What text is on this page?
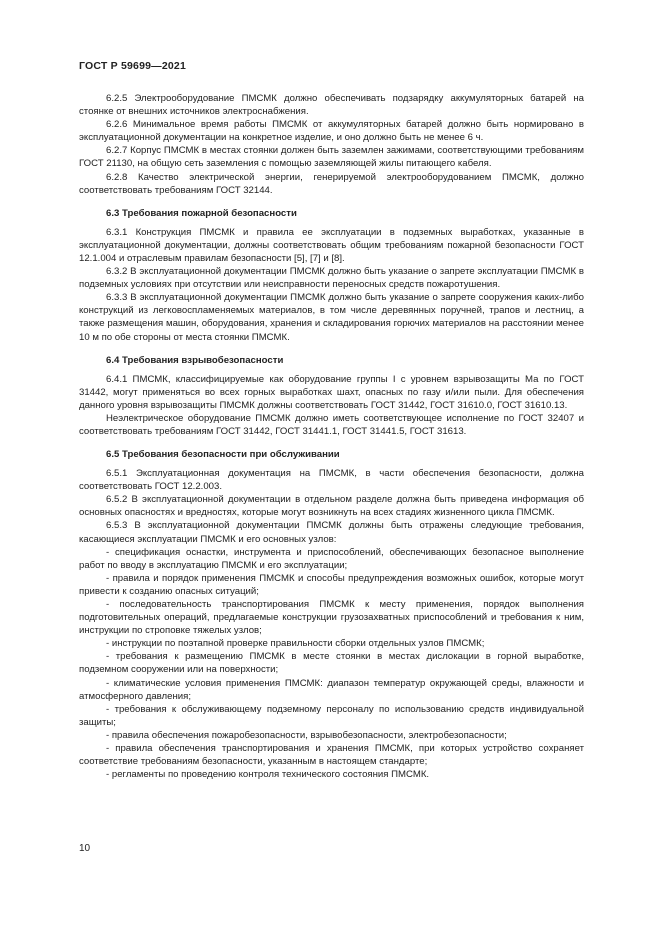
ГОСТ Р 59699—2021

6.2.5 Электрооборудование ПМСМК должно обеспечивать подзарядку аккумуляторных батарей на стоянке от внешних источников электроснабжения.

6.2.6 Минимальное время работы ПМСМК от аккумуляторных батарей должно быть нормировано в эксплуатационной документации на конкретное изделие, и оно должно быть не менее 6 ч.

6.2.7 Корпус ПМСМК в местах стоянки должен быть заземлен зажимами, соответствующими требованиям ГОСТ 21130, на общую сеть заземления с помощью заземляющей жилы питающего кабеля.

6.2.8 Качество электрической энергии, генерируемой электрооборудованием ПМСМК, должно соответствовать требованиям ГОСТ 32144.

6.3 Требования пожарной безопасности

6.3.1 Конструкция ПМСМК и правила ее эксплуатации в подземных выработках, указанные в эксплуатационной документации, должны соответствовать общим требованиям пожарной безопасности ГОСТ 12.1.004 и отраслевым правилам безопасности [5], [7] и [8].

6.3.2 В эксплуатационной документации ПМСМК должно быть указание о запрете эксплуатации ПМСМК в подземных условиях при отсутствии или неисправности переносных средств пожаротушения.

6.3.3 В эксплуатационной документации ПМСМК должно быть указание о запрете сооружения каких-либо конструкций из легковоспламеняемых материалов, в том числе деревянных поручней, трапов и лестниц, а также размещения машин, оборудования, хранения и складирования горючих материалов на расстоянии менее 10 м по обе стороны от места стоянки ПМСМК.

6.4 Требования взрывобезопасности

6.4.1 ПМСМК, классифицируемые как оборудование группы I с уровнем взрывозащиты Ма по ГОСТ 31442, могут применяться во всех горных выработках шахт, опасных по газу и/или пыли. Для обеспечения данного уровня взрывозащиты ПМСМК должны соответствовать ГОСТ 31442, ГОСТ 31610.0, ГОСТ 31610.13.

Неэлектрическое оборудование ПМСМК должно иметь соответствующее исполнение по ГОСТ 32407 и соответствовать требованиям ГОСТ 31442, ГОСТ 31441.1, ГОСТ 31441.5, ГОСТ 31613.

6.5 Требования безопасности при обслуживании

6.5.1 Эксплуатационная документация на ПМСМК, в части обеспечения безопасности, должна соответствовать ГОСТ 12.2.003.

6.5.2 В эксплуатационной документации в отдельном разделе должна быть приведена информация об основных опасностях и вредностях, которые могут возникнуть на всех стадиях жизненного цикла ПМСМК.

6.5.3 В эксплуатационной документации ПМСМК должны быть отражены следующие требования, касающиеся эксплуатации ПМСМК и его основных узлов:

- спецификация оснастки, инструмента и приспособлений, обеспечивающих безопасное выполнение работ по вводу в эксплуатацию ПМСМК и его эксплуатации;

- правила и порядок применения ПМСМК и способы предупреждения возможных ошибок, которые могут привести к созданию опасных ситуаций;

- последовательность транспортирования ПМСМК к месту применения, порядок выполнения подготовительных операций, предлагаемые конструкции грузозахватных приспособлений и требования к ним, инструкции по строповке тяжелых узлов;

- инструкции по поэтапной проверке правильности сборки отдельных узлов ПМСМК;

- требования к размещению ПМСМК в месте стоянки в местах дислокации в горной выработке, подземном сооружении или на поверхности;

- климатические условия применения ПМСМК: диапазон температур окружающей среды, влажности и атмосферного давления;

- требования к обслуживающему подземному персоналу по использованию средств индивидуальной защиты;

- правила обеспечения пожаробезопасности, взрывобезопасности, электробезопасности;

- правила обеспечения транспортирования и хранения ПМСМК, при которых устройство сохраняет соответствие требованиям безопасности, указанным в настоящем стандарте;

- регламенты по проведению контроля технического состояния ПМСМК.

10
